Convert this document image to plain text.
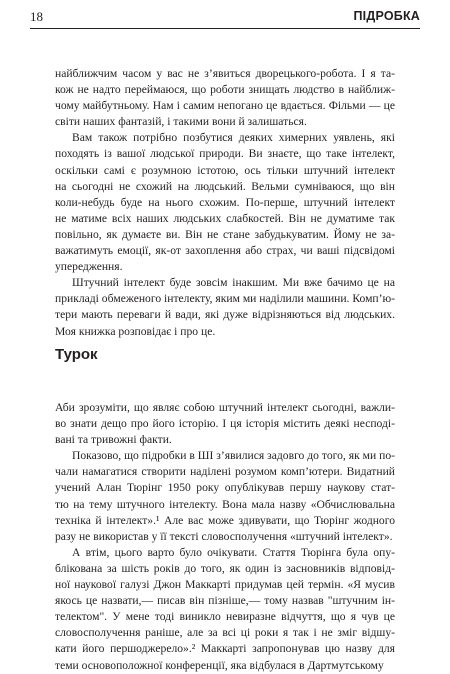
18	ПІДРОБКА

найближчим часом у вас не з’явиться дворецького-робота. І я та-

кож не надто переймаюся, що роботи знищать людство в найближ-

чому майбутньому. Нам і самим непогано це вдається. Фільми — це

світи наших фантазій, і такими вони й залишаться.

Вам також потрібно позбутися деяких химерних уявлень, які

походять із вашої людської природи. Ви знаєте, що таке інтелект,

оскільки самі є розумною істотою, ось тільки штучний інтелект

на сьогодні не схожий на людський. Вельми сумніваюся, що він

коли-небудь буде на нього схожим. По-перше, штучний інтелект

не матиме всіх наших людських слабкостей. Він не думатиме так

повільно, як думаєте ви. Він не стане забудькуватим. Йому не за-

важатимуть емоції, як-от захоплення або страх, чи ваші підсвідомі

упередження.

Штучний інтелект буде зовсім інакшим. Ми вже бачимо це на

прикладі обмеженого інтелекту, яким ми наділили машини. Комп’ю-

тери мають переваги й вади, які дуже відрізняються від людських.

Моя книжка розповідає і про це.

Турок

Аби зрозуміти, що являє собою штучний інтелект сьогодні, важли-

во знати дещо про його історію. І ця історія містить деякі несподі-

вані та тривожні факти.

Показово, що підробки в ШІ з’явилися задовго до того, як ми по-

чали намагатися створити наділені розумом комп’ютери. Видатний

учений Алан Тюрінг 1950 року опублікував першу наукову стат-

тю на тему штучного інтелекту. Вона мала назву «Обчислювальна

техніка й інтелект».¹ Але вас може здивувати, що Тюрінг жодного

разу не використав у її тексті словосполучення «штучний інтелект».

А втім, цього варто було очікувати. Стаття Тюрінга була опу-

блікована за шість років до того, як один із засновників відповід-

ної наукової галузі Джон Маккарті придумав цей термін. «Я мусив

якось це назвати,— писав він пізніше,— тому назвав "штучним ін-

телектом". У мене тоді виникло невиразне відчуття, що я чув це

словосполучення раніше, але за всі ці роки я так і не зміг відшу-

кати його першоджерело».² Маккарті запропонував цю назву для

теми основоположної конференції, яка відбулася в Дартмутському
